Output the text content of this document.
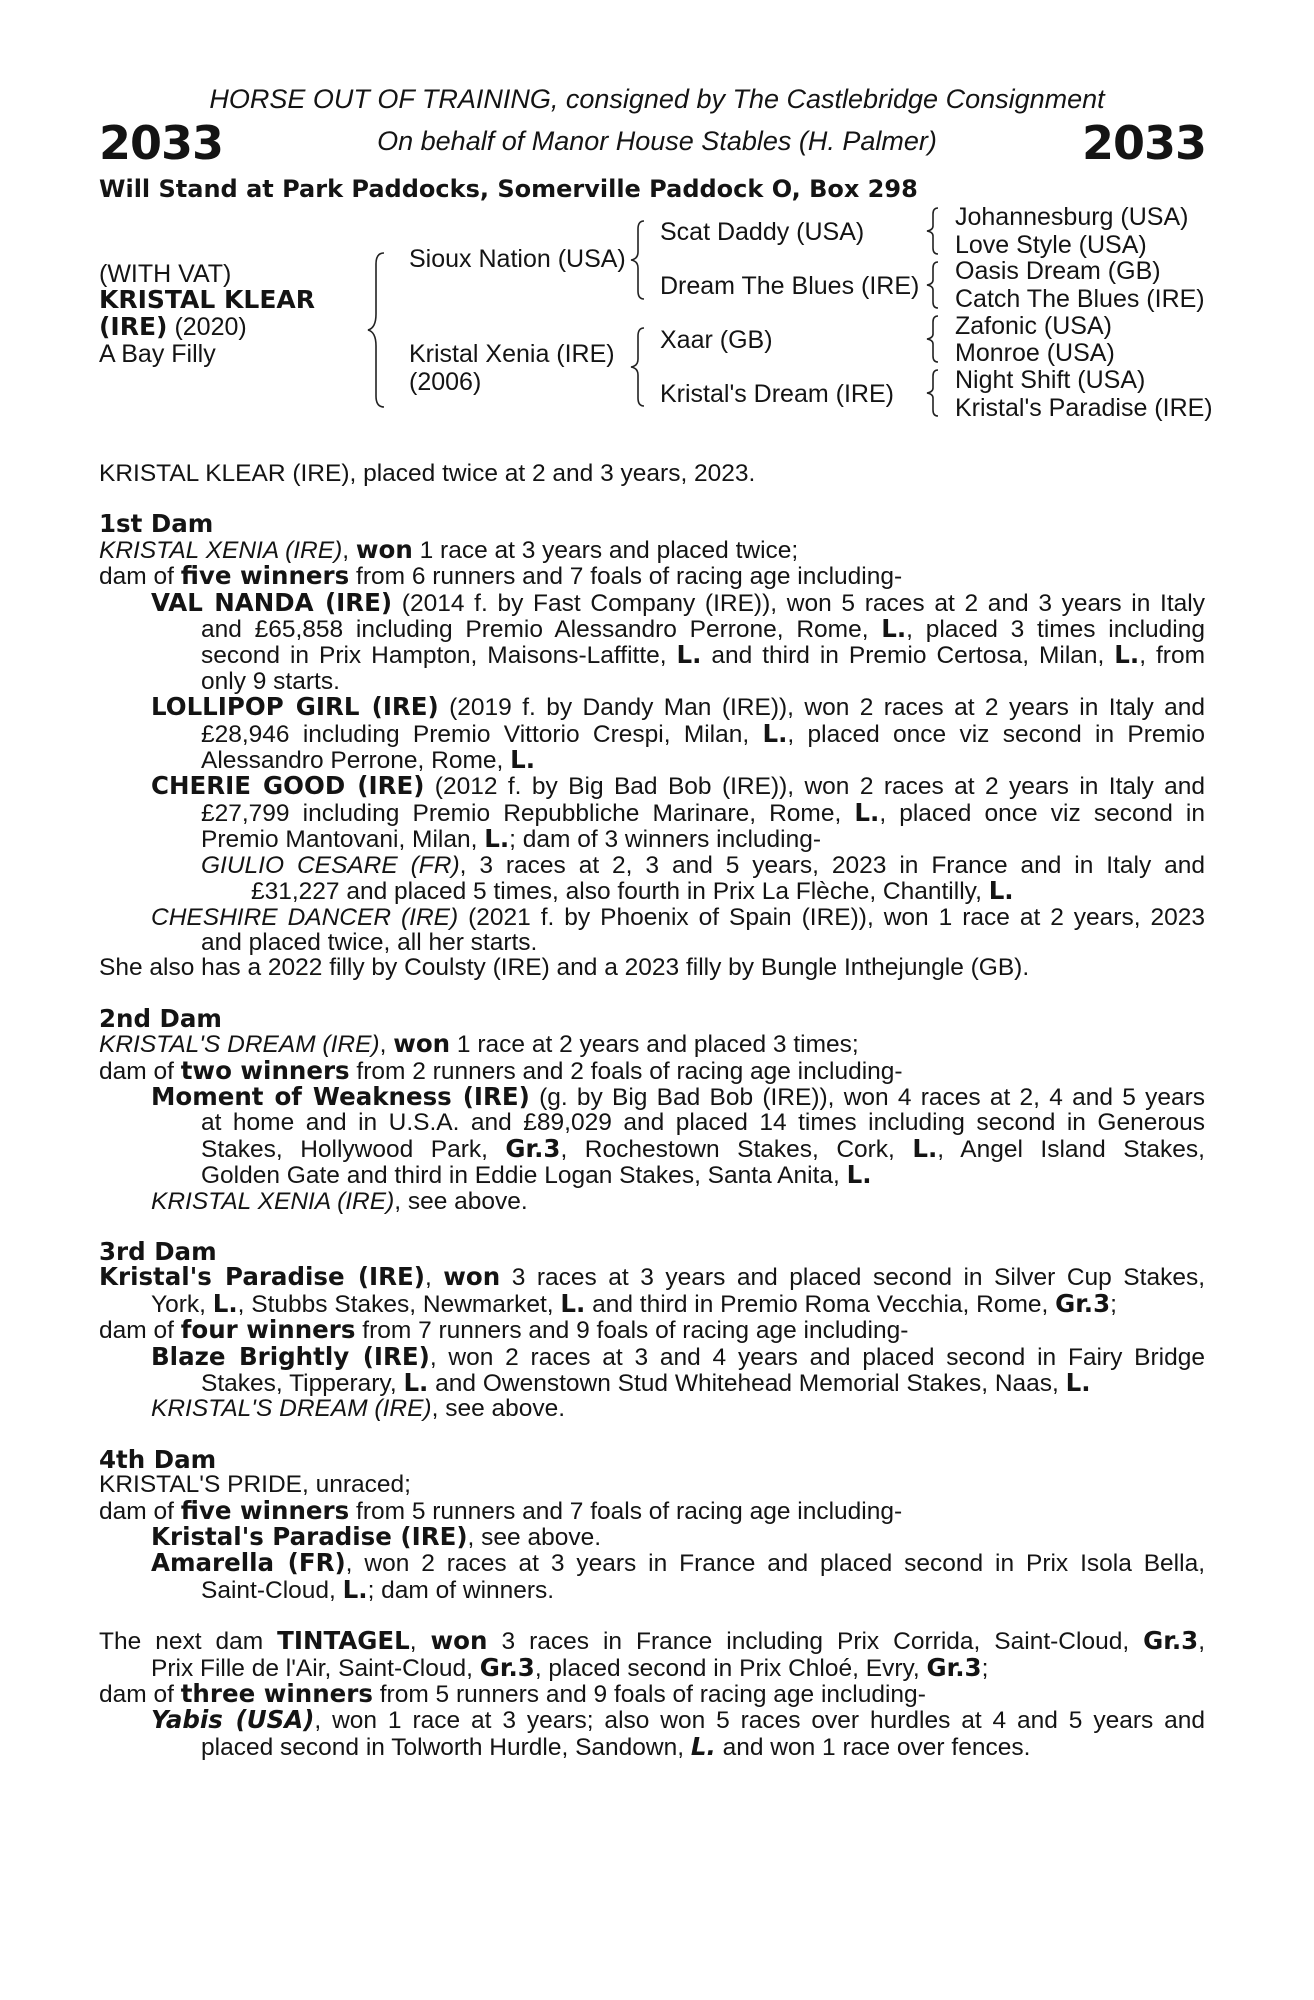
HORSE OUT OF TRAINING, consigned by The Castlebridge Consignment
2033	2033
On behalf of Manor House Stables (H. Palmer)
Will Stand at Park Paddocks, Somerville Paddock O, Box 298
(WITH VAT)
KRISTAL KLEAR
(IRE) (2020)
A Bay Filly
Sioux Nation (USA)
Kristal Xenia (IRE)
(2006)
Scat Daddy (USA)
Dream The Blues (IRE)
Xaar (GB)
Kristal's Dream (IRE)
Johannesburg (USA)
Love Style (USA)
Oasis Dream (GB)
Catch The Blues (IRE)
Zafonic (USA)
Monroe (USA)
Night Shift (USA)
Kristal's Paradise (IRE)
KRISTAL KLEAR (IRE), placed twice at 2 and 3 years, 2023.
1st Dam
KRISTAL XENIA (IRE), won 1 race at 3 years and placed twice;
dam of five winners from 6 runners and 7 foals of racing age including-
VAL NANDA (IRE) (2014 f. by Fast Company (IRE)), won 5 races at 2 and 3 years in Italy
and £65,858 including Premio Alessandro Perrone, Rome, L., placed 3 times including
second in Prix Hampton, Maisons-Laffitte, L. and third in Premio Certosa, Milan, L., from
only 9 starts.
LOLLIPOP GIRL (IRE) (2019 f. by Dandy Man (IRE)), won 2 races at 2 years in Italy and
£28,946 including Premio Vittorio Crespi, Milan, L., placed once viz second in Premio
Alessandro Perrone, Rome, L.
CHERIE GOOD (IRE) (2012 f. by Big Bad Bob (IRE)), won 2 races at 2 years in Italy and
£27,799 including Premio Repubbliche Marinare, Rome, L., placed once viz second in
Premio Mantovani, Milan, L.; dam of 3 winners including-
GIULIO CESARE (FR), 3 races at 2, 3 and 5 years, 2023 in France and in Italy and
£31,227 and placed 5 times, also fourth in Prix La Flèche, Chantilly, L.
CHESHIRE DANCER (IRE) (2021 f. by Phoenix of Spain (IRE)), won 1 race at 2 years, 2023
and placed twice, all her starts.
She also has a 2022 filly by Coulsty (IRE) and a 2023 filly by Bungle Inthejungle (GB).
2nd Dam
KRISTAL'S DREAM (IRE), won 1 race at 2 years and placed 3 times;
dam of two winners from 2 runners and 2 foals of racing age including-
Moment of Weakness (IRE) (g. by Big Bad Bob (IRE)), won 4 races at 2, 4 and 5 years
at home and in U.S.A. and £89,029 and placed 14 times including second in Generous
Stakes, Hollywood Park, Gr.3, Rochestown Stakes, Cork, L., Angel Island Stakes,
Golden Gate and third in Eddie Logan Stakes, Santa Anita, L.
KRISTAL XENIA (IRE), see above.
3rd Dam
Kristal's Paradise (IRE), won 3 races at 3 years and placed second in Silver Cup Stakes,
York, L., Stubbs Stakes, Newmarket, L. and third in Premio Roma Vecchia, Rome, Gr.3;
dam of four winners from 7 runners and 9 foals of racing age including-
Blaze Brightly (IRE), won 2 races at 3 and 4 years and placed second in Fairy Bridge
Stakes, Tipperary, L. and Owenstown Stud Whitehead Memorial Stakes, Naas, L.
KRISTAL'S DREAM (IRE), see above.
4th Dam
KRISTAL'S PRIDE, unraced;
dam of five winners from 5 runners and 7 foals of racing age including-
Kristal's Paradise (IRE), see above.
Amarella (FR), won 2 races at 3 years in France and placed second in Prix Isola Bella,
Saint-Cloud, L.; dam of winners.
The next dam TINTAGEL, won 3 races in France including Prix Corrida, Saint-Cloud, Gr.3,
Prix Fille de l'Air, Saint-Cloud, Gr.3, placed second in Prix Chloé, Evry, Gr.3;
dam of three winners from 5 runners and 9 foals of racing age including-
Yabis (USA), won 1 race at 3 years; also won 5 races over hurdles at 4 and 5 years and
placed second in Tolworth Hurdle, Sandown, L. and won 1 race over fences.
